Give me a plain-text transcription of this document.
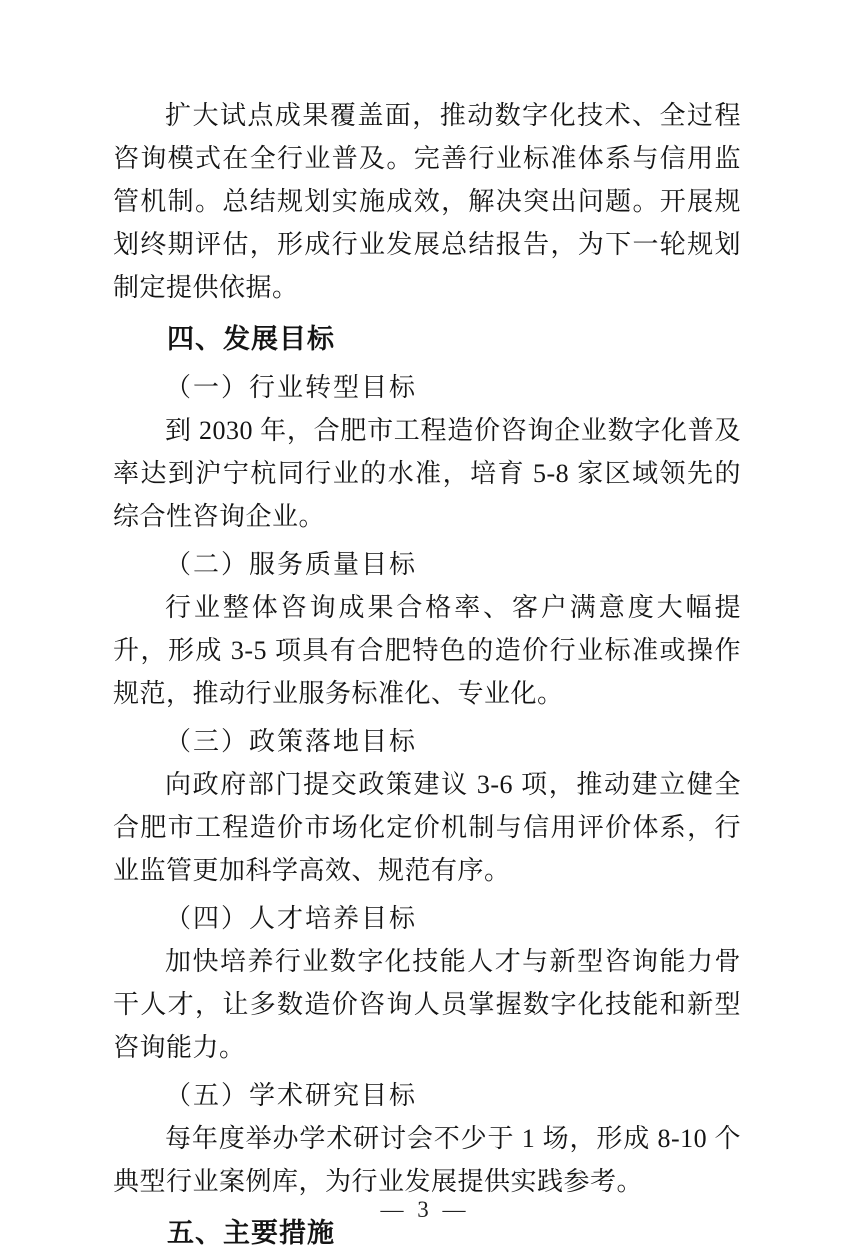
扩大试点成果覆盖面，推动数字化技术、全过程咨询模式在全行业普及。完善行业标准体系与信用监管机制。总结规划实施成效，解决突出问题。开展规划终期评估，形成行业发展总结报告，为下一轮规划制定提供依据。

四、发展目标
（一）行业转型目标

到 2030 年，合肥市工程造价咨询企业数字化普及率达到沪宁杭同行业的水准，培育 5-8 家区域领先的综合性咨询企业。

（二）服务质量目标

行业整体咨询成果合格率、客户满意度大幅提升，形成 3-5 项具有合肥特色的造价行业标准或操作规范，推动行业服务标准化、专业化。

（三）政策落地目标

向政府部门提交政策建议 3-6 项，推动建立健全合肥市工程造价市场化定价机制与信用评价体系，行业监管更加科学高效、规范有序。

（四）人才培养目标

加快培养行业数字化技能人才与新型咨询能力骨干人才，让多数造价咨询人员掌握数字化技能和新型咨询能力。

（五）学术研究目标

每年度举办学术研讨会不少于 1 场，形成 8-10 个典型行业案例库，为行业发展提供实践参考。

五、主要措施
— 3 —
